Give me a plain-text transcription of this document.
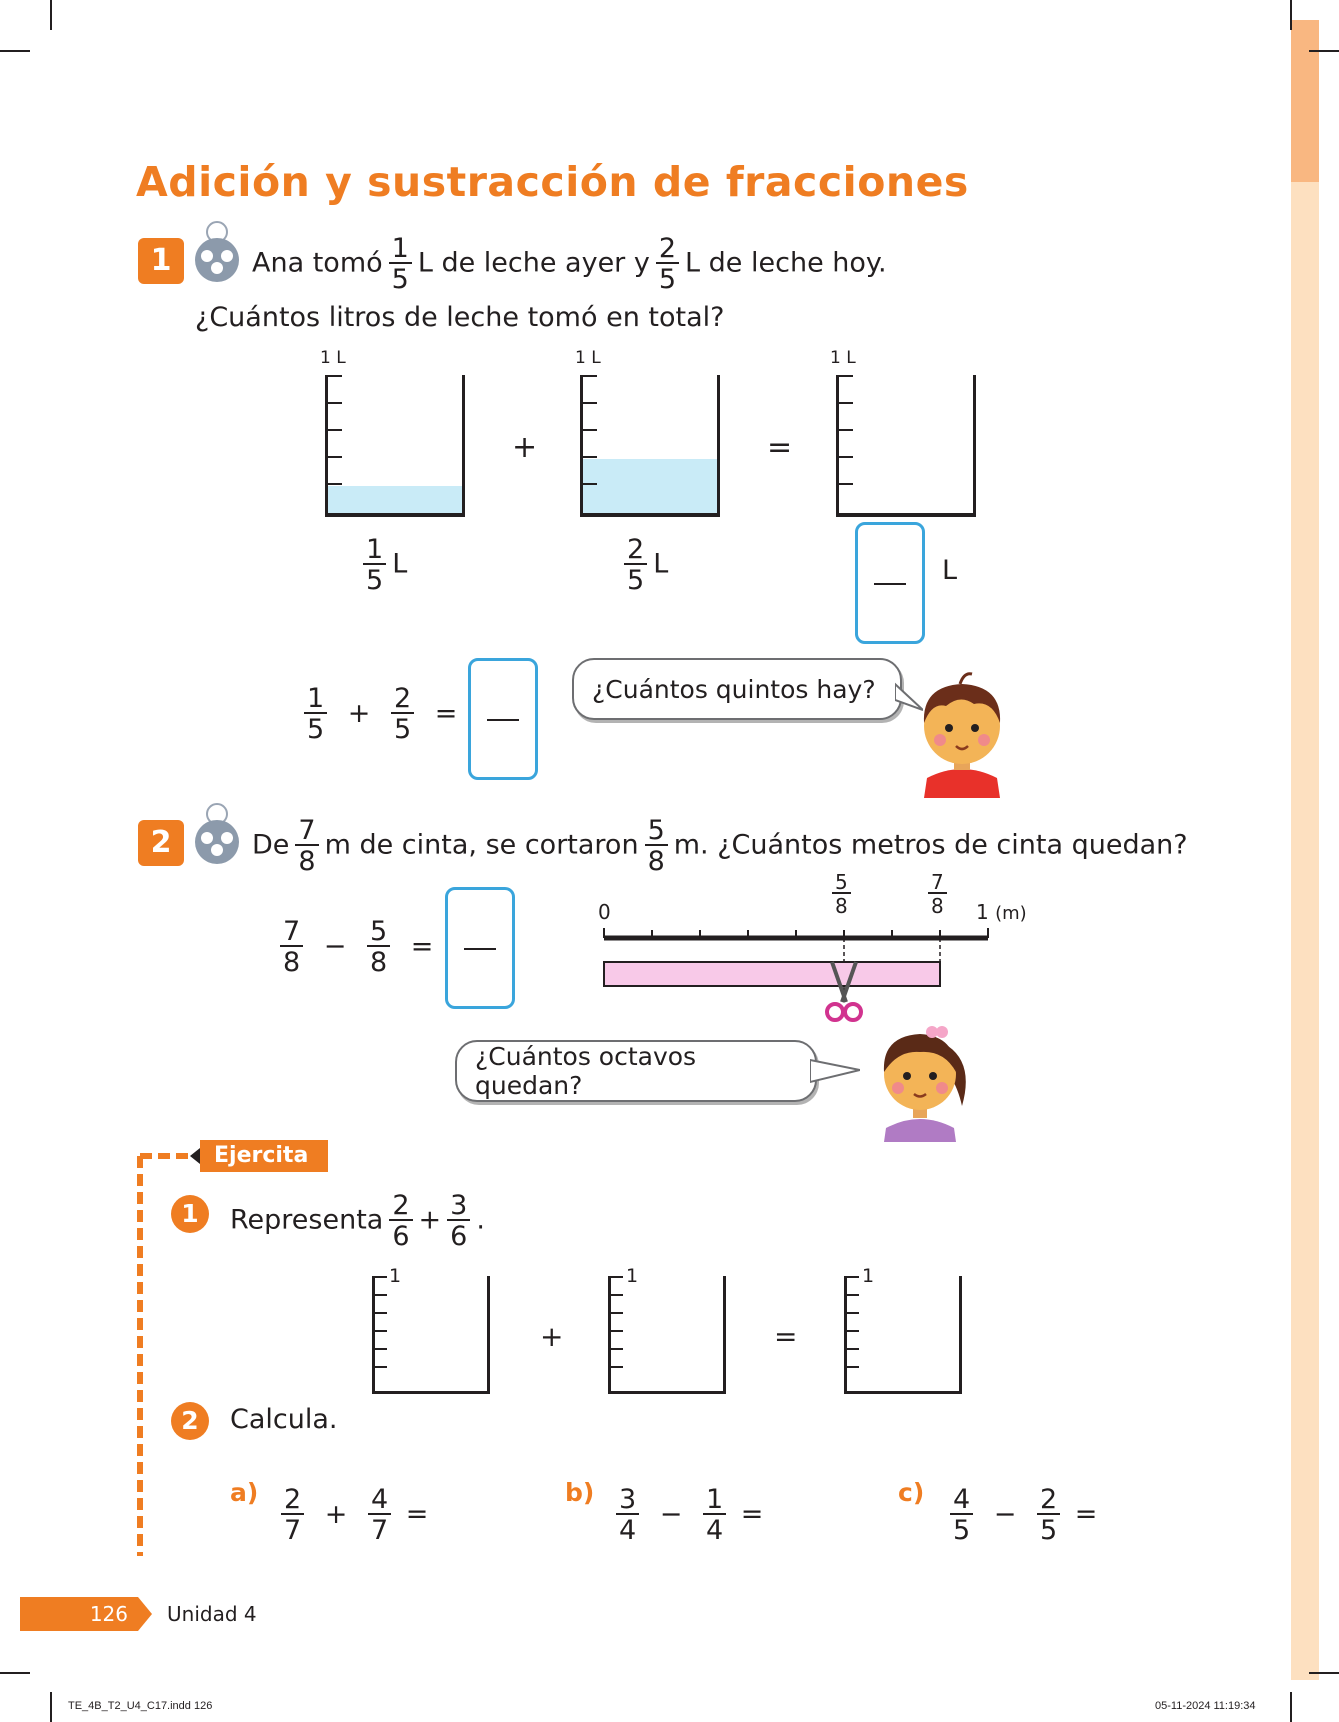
Adición y sustracción de fracciones
1	Ana tomó $\frac{1}{5}$ L de leche ayer y $\frac{2}{5}$ L de leche hoy.
¿Cuántos litros de leche tomó en total?
1 L
+
1 L
=
1 L
$\frac{1}{5}$ L	$\frac{2}{5}$ L	L
$\frac{1}{5} + \frac{2}{5}$ =
¿Cuántos quintos hay?
2	De $\frac{7}{8}$ m de cinta, se cortaron $\frac{5}{8} m$. ¿Cuántos metros de cinta quedan?
$\frac{7}{8} - \frac{5}{8}$ =
0	1 (m)
$\frac{5}{8}$	$\frac{7}{8}$
¿Cuántos octavos quedan?
Ejercita
1	Representa $\frac{2}{6} + \frac{3}{6}$ .
1
+
1
=
1
2	Calcula.
$a) \frac{2}{7} + \frac{4}{7}$ =
$b) \frac{3}{4} - \frac{1}{4}$ =
$c) \frac{4}{5} - \frac{2}{5}$ =
126	Unidad 4
TE_4B_T2_U4_C17.indd 126	05-11-2024 11:19:34
